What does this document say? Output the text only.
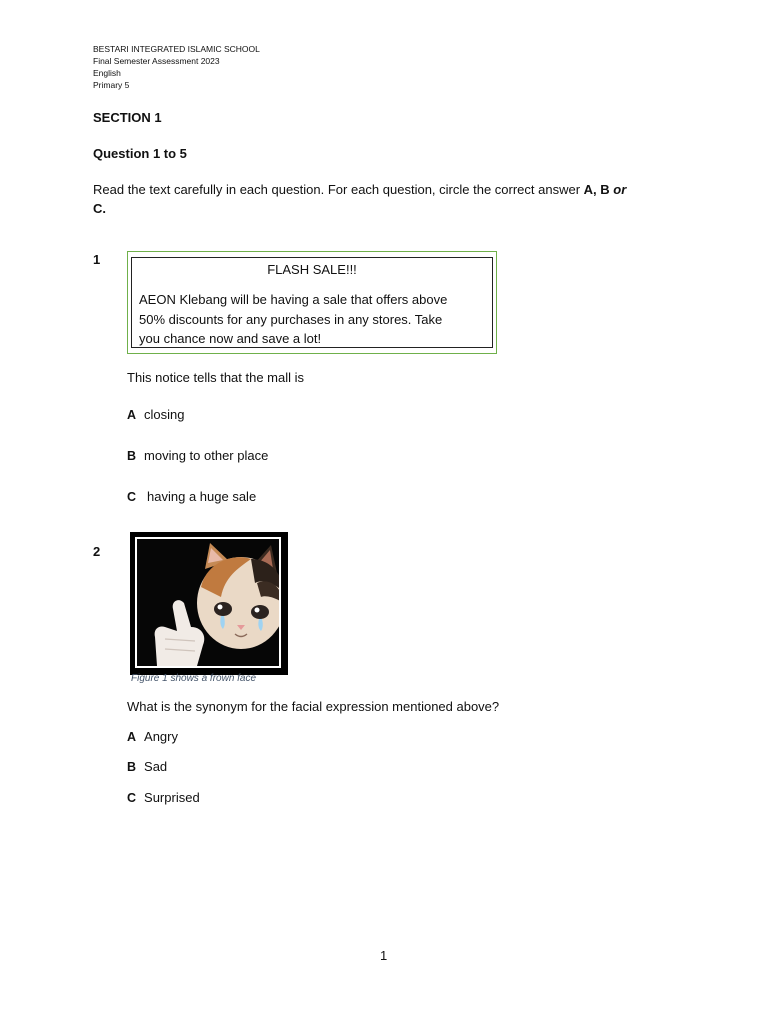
BESTARI INTEGRATED ISLAMIC SCHOOL
Final Semester Assessment 2023
English
Primary 5
SECTION 1
Question 1 to 5
Read the text carefully in each question. For each question, circle the correct answer A, B or
C.
1
FLASH SALE!!!
AEON Klebang will be having a sale that offers above
50% discounts for any purchases in any stores. Take
you chance now and save a lot!
This notice tells that the mall is
A closing
B moving to other place
C having a huge sale
2
Figure 1 shows a frown face
What is the synonym for the facial expression mentioned above?
A Angry
B Sad
C Surprised
1
